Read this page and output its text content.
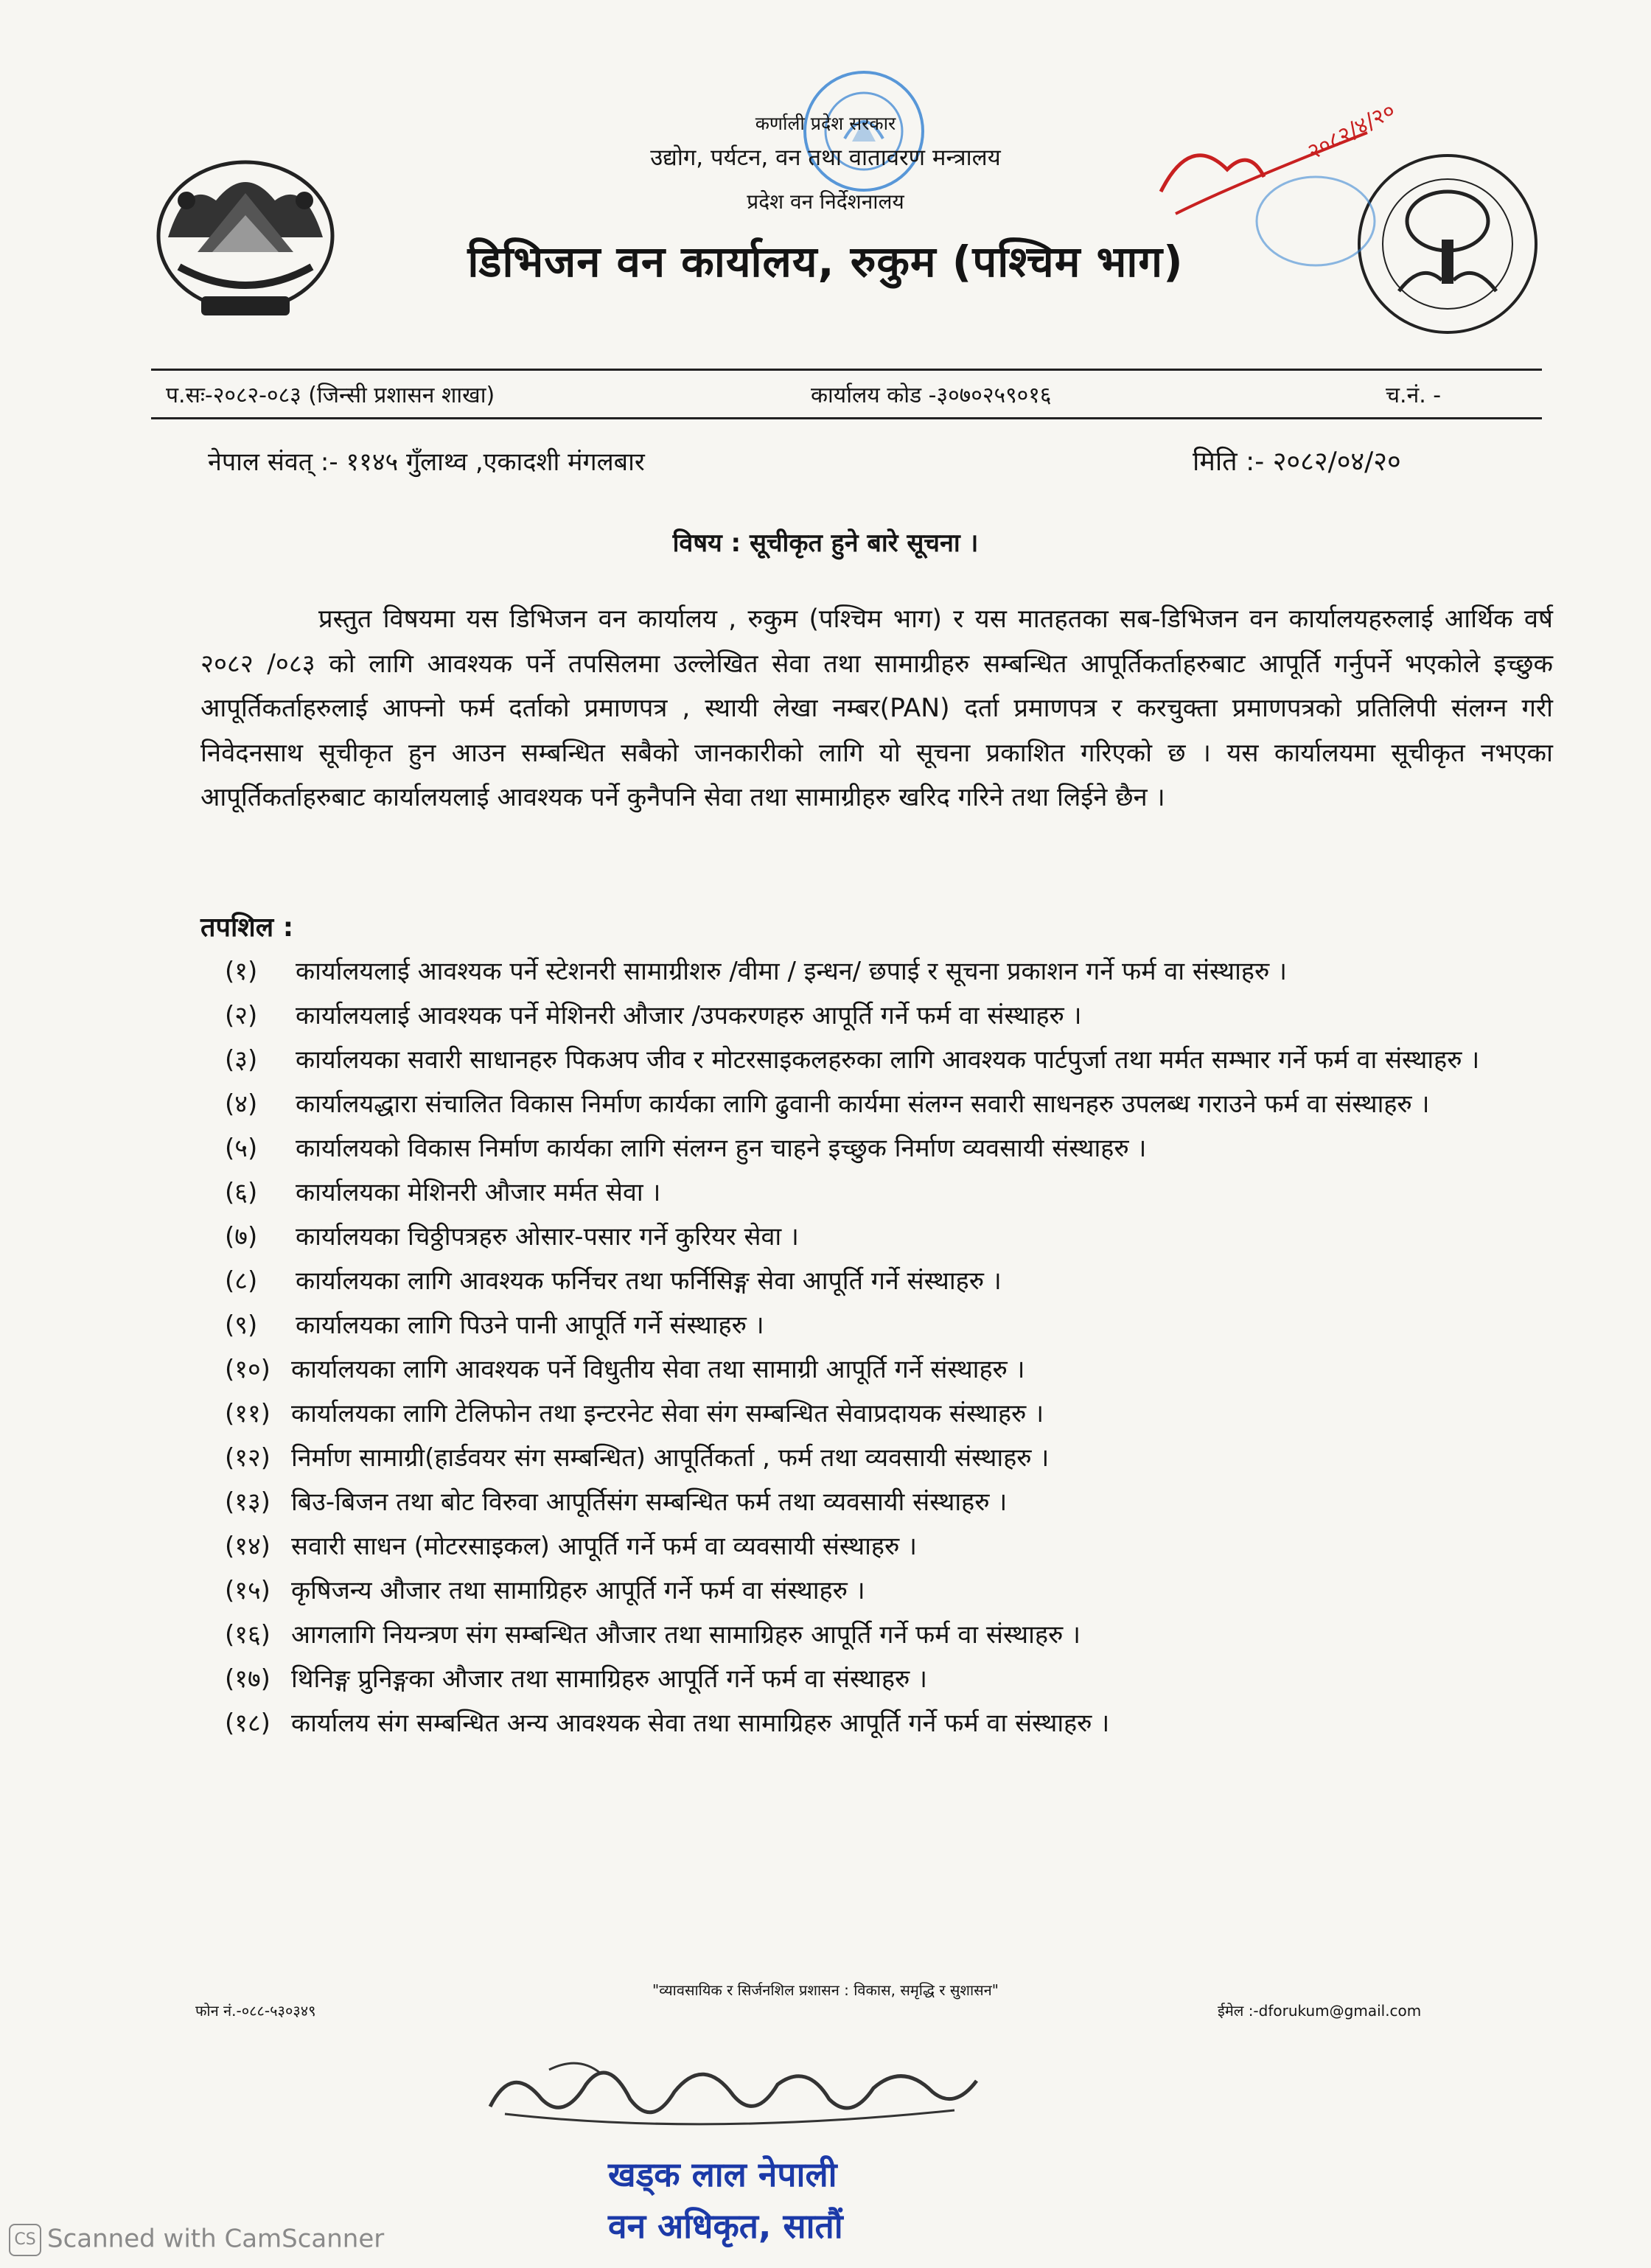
२०८२/४/२०
कर्णाली प्रदेश सरकार
उद्योग, पर्यटन, वन तथा वातावरण मन्त्रालय
प्रदेश वन निर्देशनालय
डिभिजन वन कार्यालय, रुकुम (पश्चिम भाग)
प.सः-२०८२-०८३ (जिन्सी प्रशासन शाखा)	कार्यालय कोड -३०७०२५९०१६	च.नं. -
नेपाल संवत् :- ११४५ गुँलाथ्व ,एकादशी मंगलबार	मिति :- २०८२/०४/२०
विषय : सूचीकृत हुने बारे सूचना ।

प्रस्तुत विषयमा यस डिभिजन वन कार्यालय , रुकुम (पश्चिम भाग) र यस मातहतका सब-डिभिजन वन कार्यालयहरुलाई आर्थिक वर्ष २०८२ /०८३ को लागि आवश्यक पर्ने तपसिलमा उल्लेखित सेवा तथा सामाग्रीहरु सम्बन्धित आपूर्तिकर्ताहरुबाट आपूर्ति गर्नुपर्ने भएकोले इच्छुक आपूर्तिकर्ताहरुलाई आफ्नो फर्म दर्ताको प्रमाणपत्र , स्थायी लेखा नम्बर(PAN) दर्ता प्रमाणपत्र र करचुक्ता प्रमाणपत्रको प्रतिलिपी संलग्न गरी निवेदनसाथ सूचीकृत हुन आउन सम्बन्धित सबैको जानकारीको लागि यो सूचना प्रकाशित गरिएको छ । यस कार्यालयमा सूचीकृत नभएका आपूर्तिकर्ताहरुबाट कार्यालयलाई आवश्यक पर्ने कुनैपनि सेवा तथा सामाग्रीहरु खरिद गरिने तथा लिईने छैन ।

तपशिल :
(१) कार्यालयलाई आवश्यक पर्ने स्टेशनरी सामाग्रीशरु /वीमा / इन्धन/ छपाई र सूचना प्रकाशन गर्ने फर्म वा संस्थाहरु ।
(२) कार्यालयलाई आवश्यक पर्ने मेशिनरी औजार /उपकरणहरु आपूर्ति गर्ने फर्म वा संस्थाहरु ।
(३) कार्यालयका सवारी साधानहरु पिकअप जीव र मोटरसाइकलहरुका लागि आवश्यक पार्टपुर्जा तथा मर्मत सम्भार गर्ने फर्म वा संस्थाहरु ।
(४) कार्यालयद्धारा संचालित विकास निर्माण कार्यका लागि ढुवानी कार्यमा संलग्न सवारी साधनहरु उपलब्ध गराउने फर्म वा संस्थाहरु ।
(५) कार्यालयको विकास निर्माण कार्यका लागि संलग्न हुन चाहने इच्छुक निर्माण व्यवसायी संस्थाहरु ।
(६) कार्यालयका मेशिनरी औजार मर्मत सेवा ।
(७) कार्यालयका चिठ्ठीपत्रहरु ओसार-पसार गर्ने कुरियर सेवा ।
(८) कार्यालयका लागि आवश्यक फर्निचर तथा फर्निसिङ्ग सेवा आपूर्ति गर्ने संस्थाहरु ।
(९) कार्यालयका लागि पिउने पानी आपूर्ति गर्ने संस्थाहरु ।
(१०) कार्यालयका लागि आवश्यक पर्ने विधुतीय सेवा तथा सामाग्री आपूर्ति गर्ने संस्थाहरु ।
(११) कार्यालयका लागि टेलिफोन तथा इन्टरनेट सेवा संग सम्बन्धित सेवाप्रदायक संस्थाहरु ।
(१२) निर्माण सामाग्री(हार्डवयर संग सम्बन्धित) आपूर्तिकर्ता , फर्म तथा व्यवसायी संस्थाहरु ।
(१३) बिउ-बिजन तथा बोट विरुवा आपूर्तिसंग सम्बन्धित फर्म तथा व्यवसायी संस्थाहरु ।
(१४) सवारी साधन (मोटरसाइकल) आपूर्ति गर्ने फर्म वा व्यवसायी संस्थाहरु ।
(१५) कृषिजन्य औजार तथा सामाग्रिहरु आपूर्ति गर्ने फर्म वा संस्थाहरु ।
(१६) आगलागि नियन्त्रण संग सम्बन्धित औजार तथा सामाग्रिहरु आपूर्ति गर्ने फर्म वा संस्थाहरु ।
(१७) थिनिङ्ग प्रुनिङ्गका औजार तथा सामाग्रिहरु आपूर्ति गर्ने फर्म वा संस्थाहरु ।
(१८) कार्यालय संग सम्बन्धित अन्य आवश्यक सेवा तथा सामाग्रिहरु आपूर्ति गर्ने फर्म वा संस्थाहरु ।
"व्यावसायिक र सिर्जनशिल प्रशासन : विकास, समृद्धि र सुशासन"
फोन नं.-०८८-५३०३४९	ईमेल :-dforukum@gmail.com
खड्क लाल नेपाली
वन अधिकृत, सातौं
CS Scanned with CamScanner
